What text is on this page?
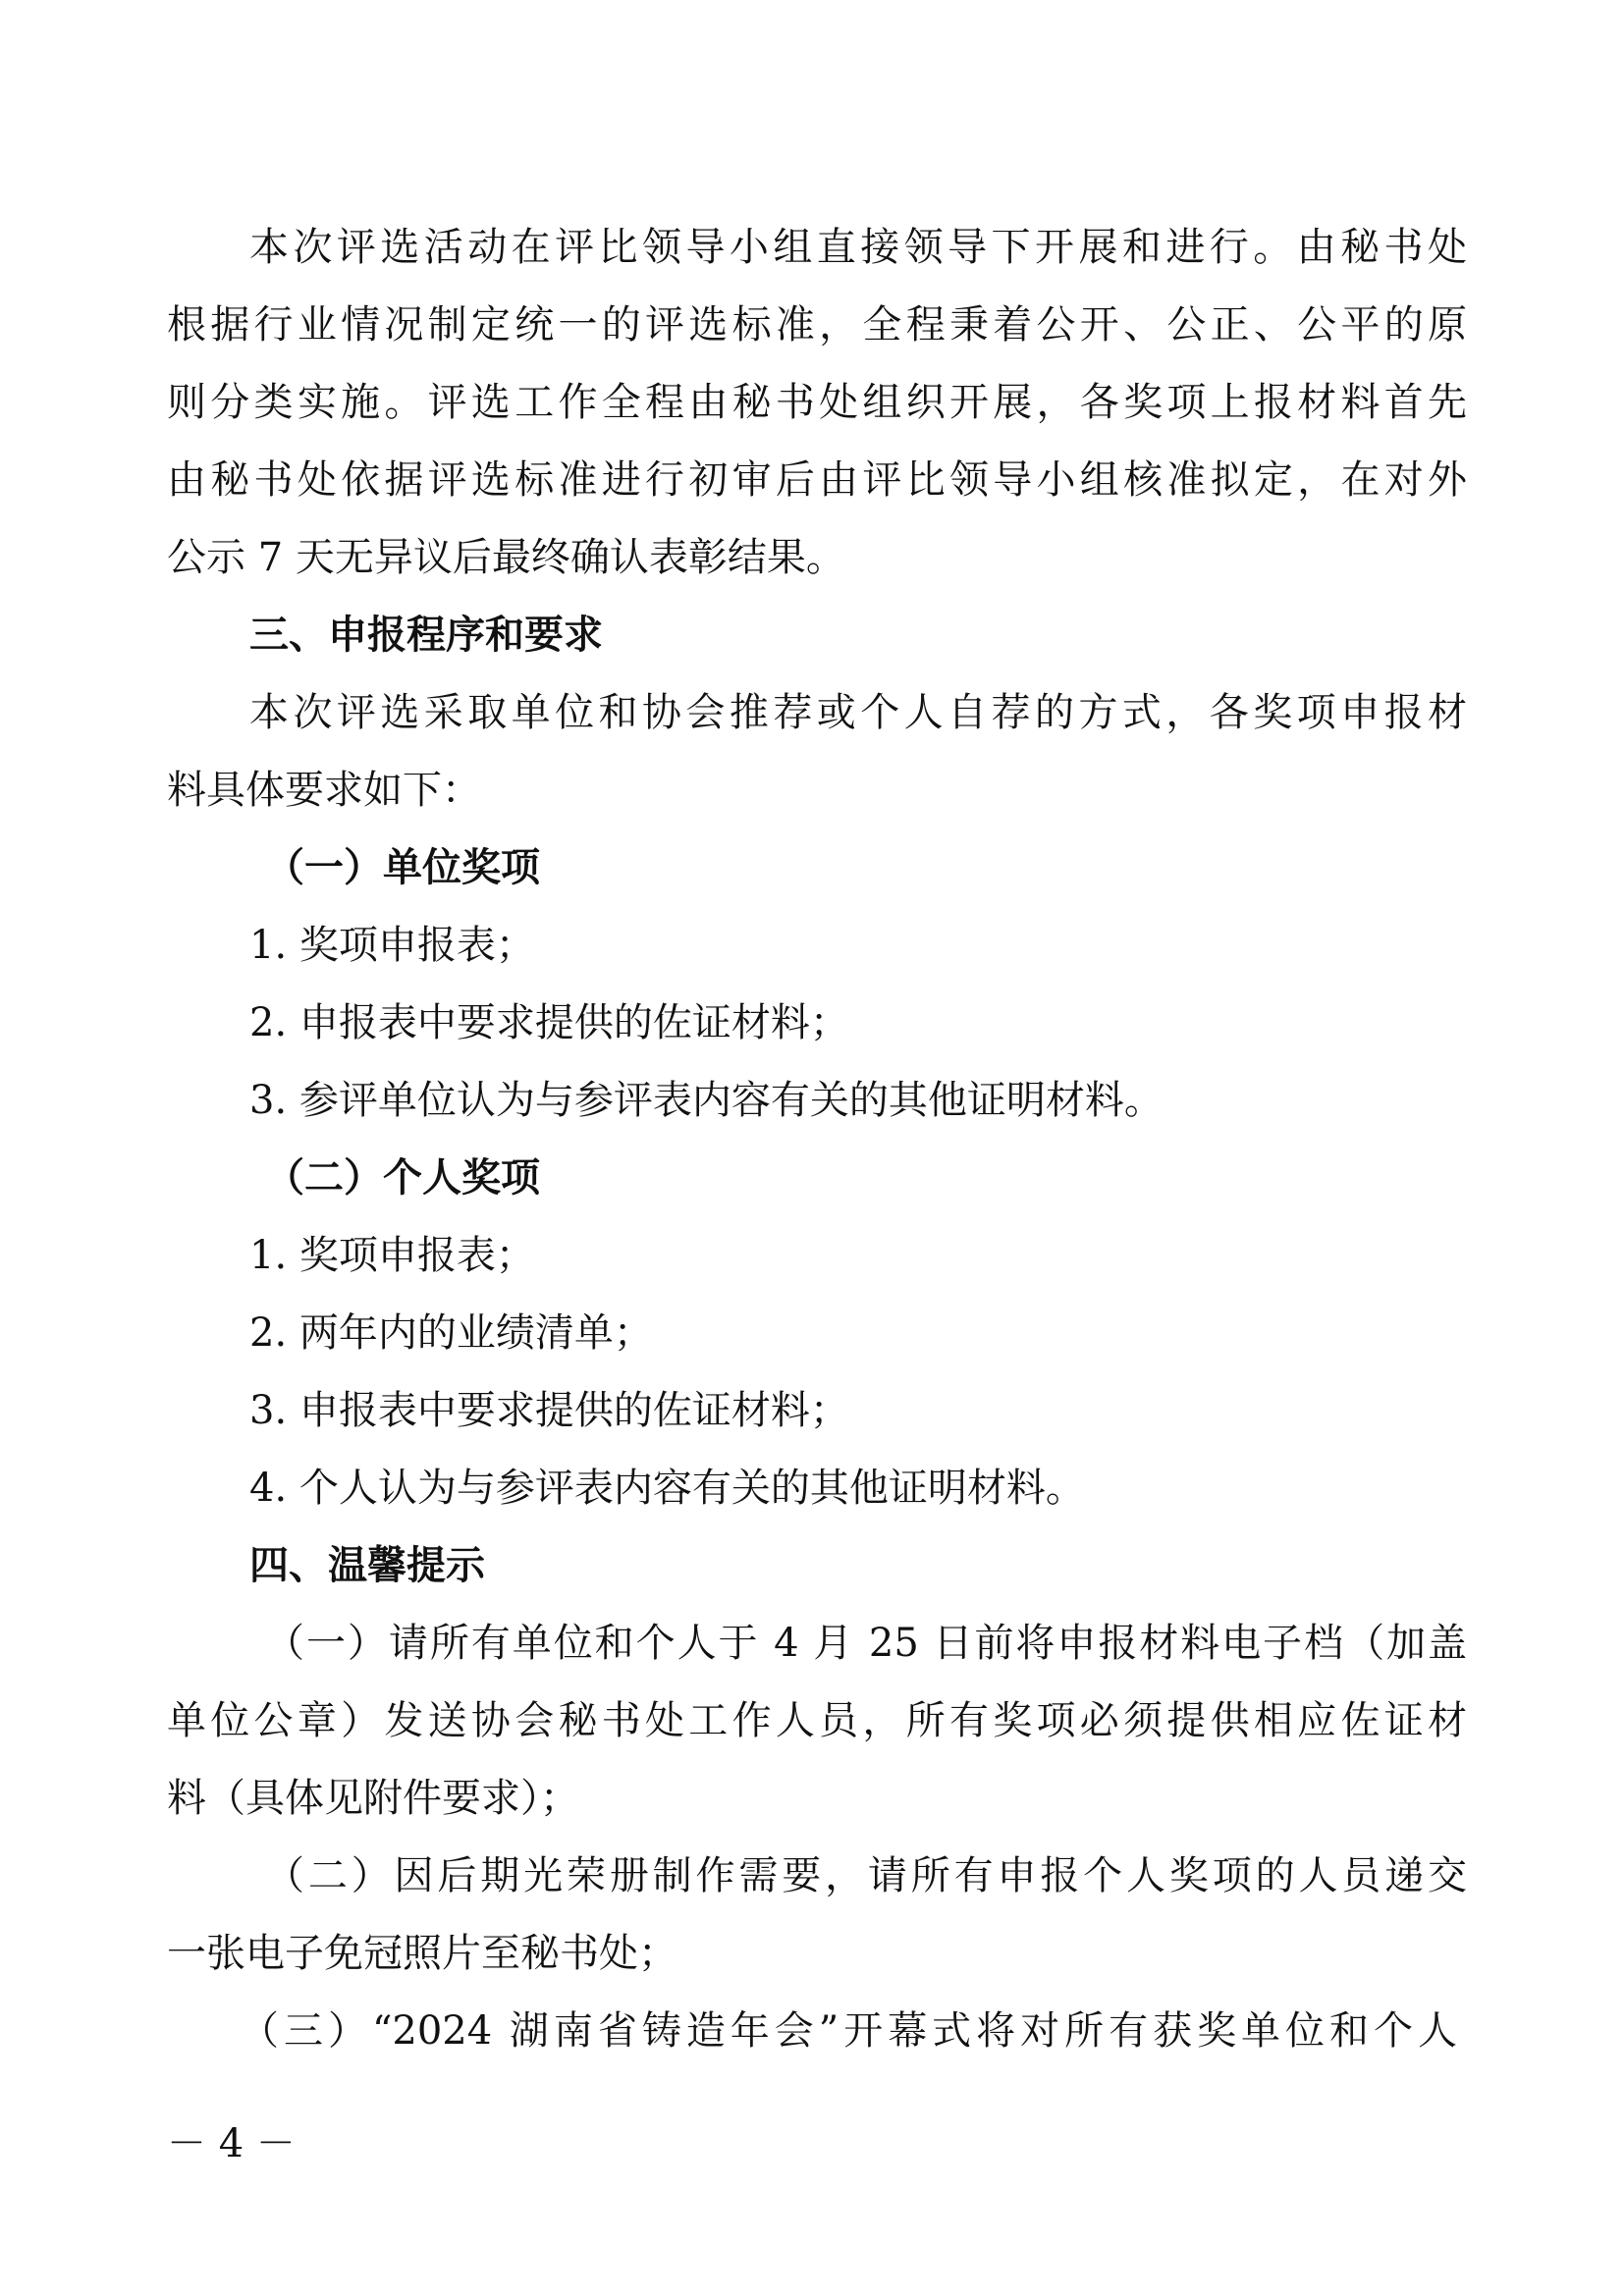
本次评选活动在评比领导小组直接领导下开展和进行。由秘书处
根据行业情况制定统一的评选标准，全程秉着公开、公正、公平的原
则分类实施。评选工作全程由秘书处组织开展，各奖项上报材料首先
由秘书处依据评选标准进行初审后由评比领导小组核准拟定，在对外
公示 7 天无异议后最终确认表彰结果。
三、申报程序和要求
本次评选采取单位和协会推荐或个人自荐的方式，各奖项申报材
料具体要求如下：
（一）单位奖项
1. 奖项申报表；
2. 申报表中要求提供的佐证材料；
3. 参评单位认为与参评表内容有关的其他证明材料。
（二）个人奖项
1. 奖项申报表；
2. 两年内的业绩清单；
3. 申报表中要求提供的佐证材料；
4. 个人认为与参评表内容有关的其他证明材料。
四、温馨提示
（一）请所有单位和个人于 4 月 25 日前将申报材料电子档（加盖
单位公章）发送协会秘书处工作人员，所有奖项必须提供相应佐证材
料（具体见附件要求）；
（二）因后期光荣册制作需要，请所有申报个人奖项的人员递交
一张电子免冠照片至秘书处；
（三）“2024 湖南省铸造年会”开幕式将对所有获奖单位和个人
－ 4 －
